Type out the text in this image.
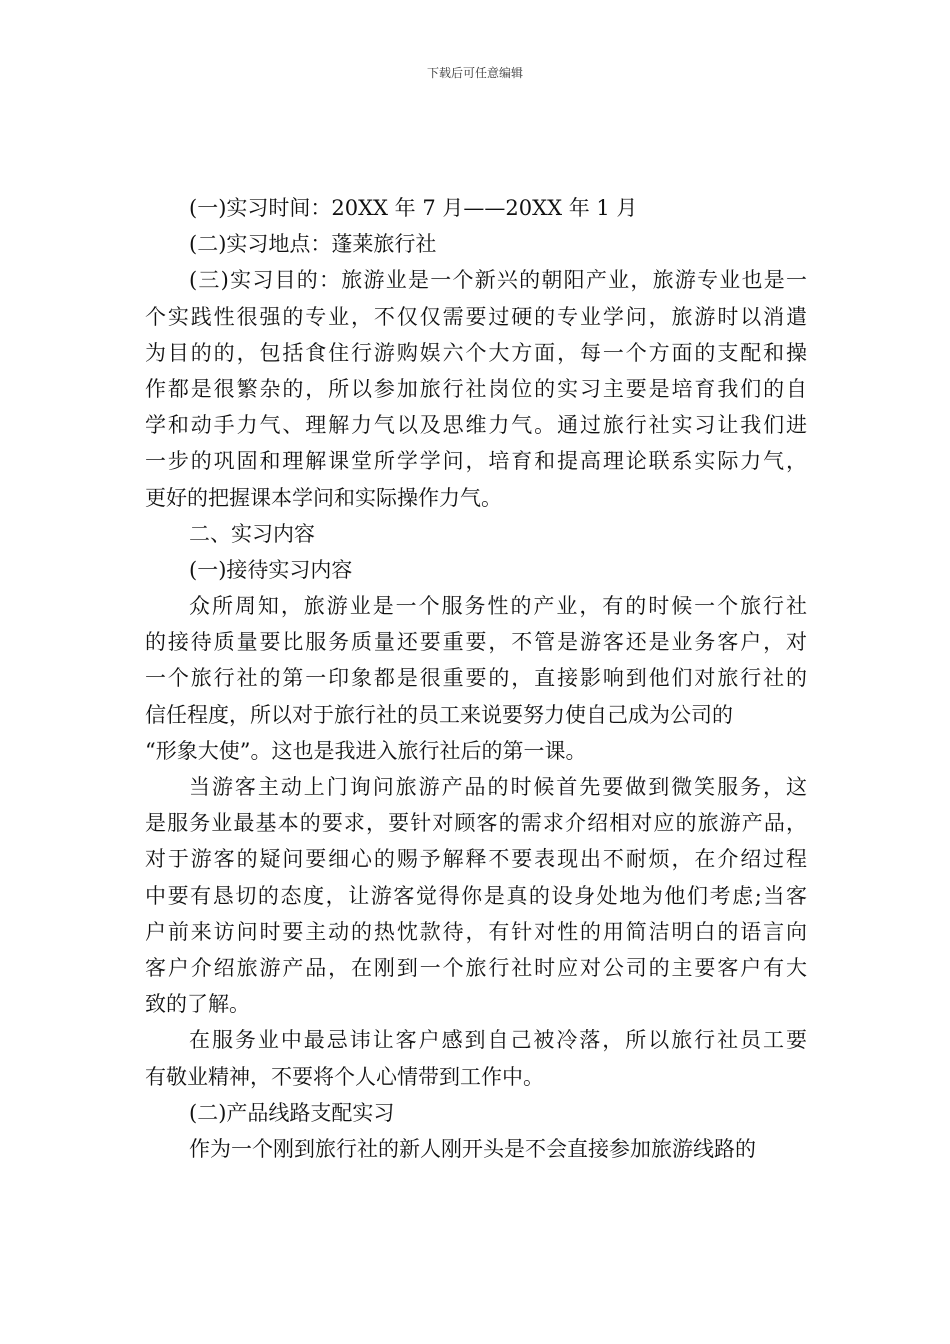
下载后可任意编辑
(一)实习时间：20XX 年 7 月——20XX 年 1 月
(二)实习地点：蓬莱旅行社
(三)实习目的：旅游业是一个新兴的朝阳产业，旅游专业也是一
个实践性很强的专业，不仅仅需要过硬的专业学问，旅游时以消遣
为目的的，包括食住行游购娱六个大方面，每一个方面的支配和操
作都是很繁杂的，所以参加旅行社岗位的实习主要是培育我们的自
学和动手力气、理解力气以及思维力气。通过旅行社实习让我们进
一步的巩固和理解课堂所学学问，培育和提高理论联系实际力气，
更好的把握课本学问和实际操作力气。
二、实习内容
(一)接待实习内容
众所周知，旅游业是一个服务性的产业，有的时候一个旅行社
的接待质量要比服务质量还要重要，不管是游客还是业务客户，对
一个旅行社的第一印象都是很重要的，直接影响到他们对旅行社的
信任程度，所以对于旅行社的员工来说要努力使自己成为公司的
“形象大使”。这也是我进入旅行社后的第一课。
当游客主动上门询问旅游产品的时候首先要做到微笑服务，这
是服务业最基本的要求，要针对顾客的需求介绍相对应的旅游产品，
对于游客的疑问要细心的赐予解释不要表现出不耐烦，在介绍过程
中要有恳切的态度，让游客觉得你是真的设身处地为他们考虑;当客
户前来访问时要主动的热忱款待，有针对性的用简洁明白的语言向
客户介绍旅游产品，在刚到一个旅行社时应对公司的主要客户有大
致的了解。
在服务业中最忌讳让客户感到自己被冷落，所以旅行社员工要
有敬业精神，不要将个人心情带到工作中。
(二)产品线路支配实习
作为一个刚到旅行社的新人刚开头是不会直接参加旅游线路的
